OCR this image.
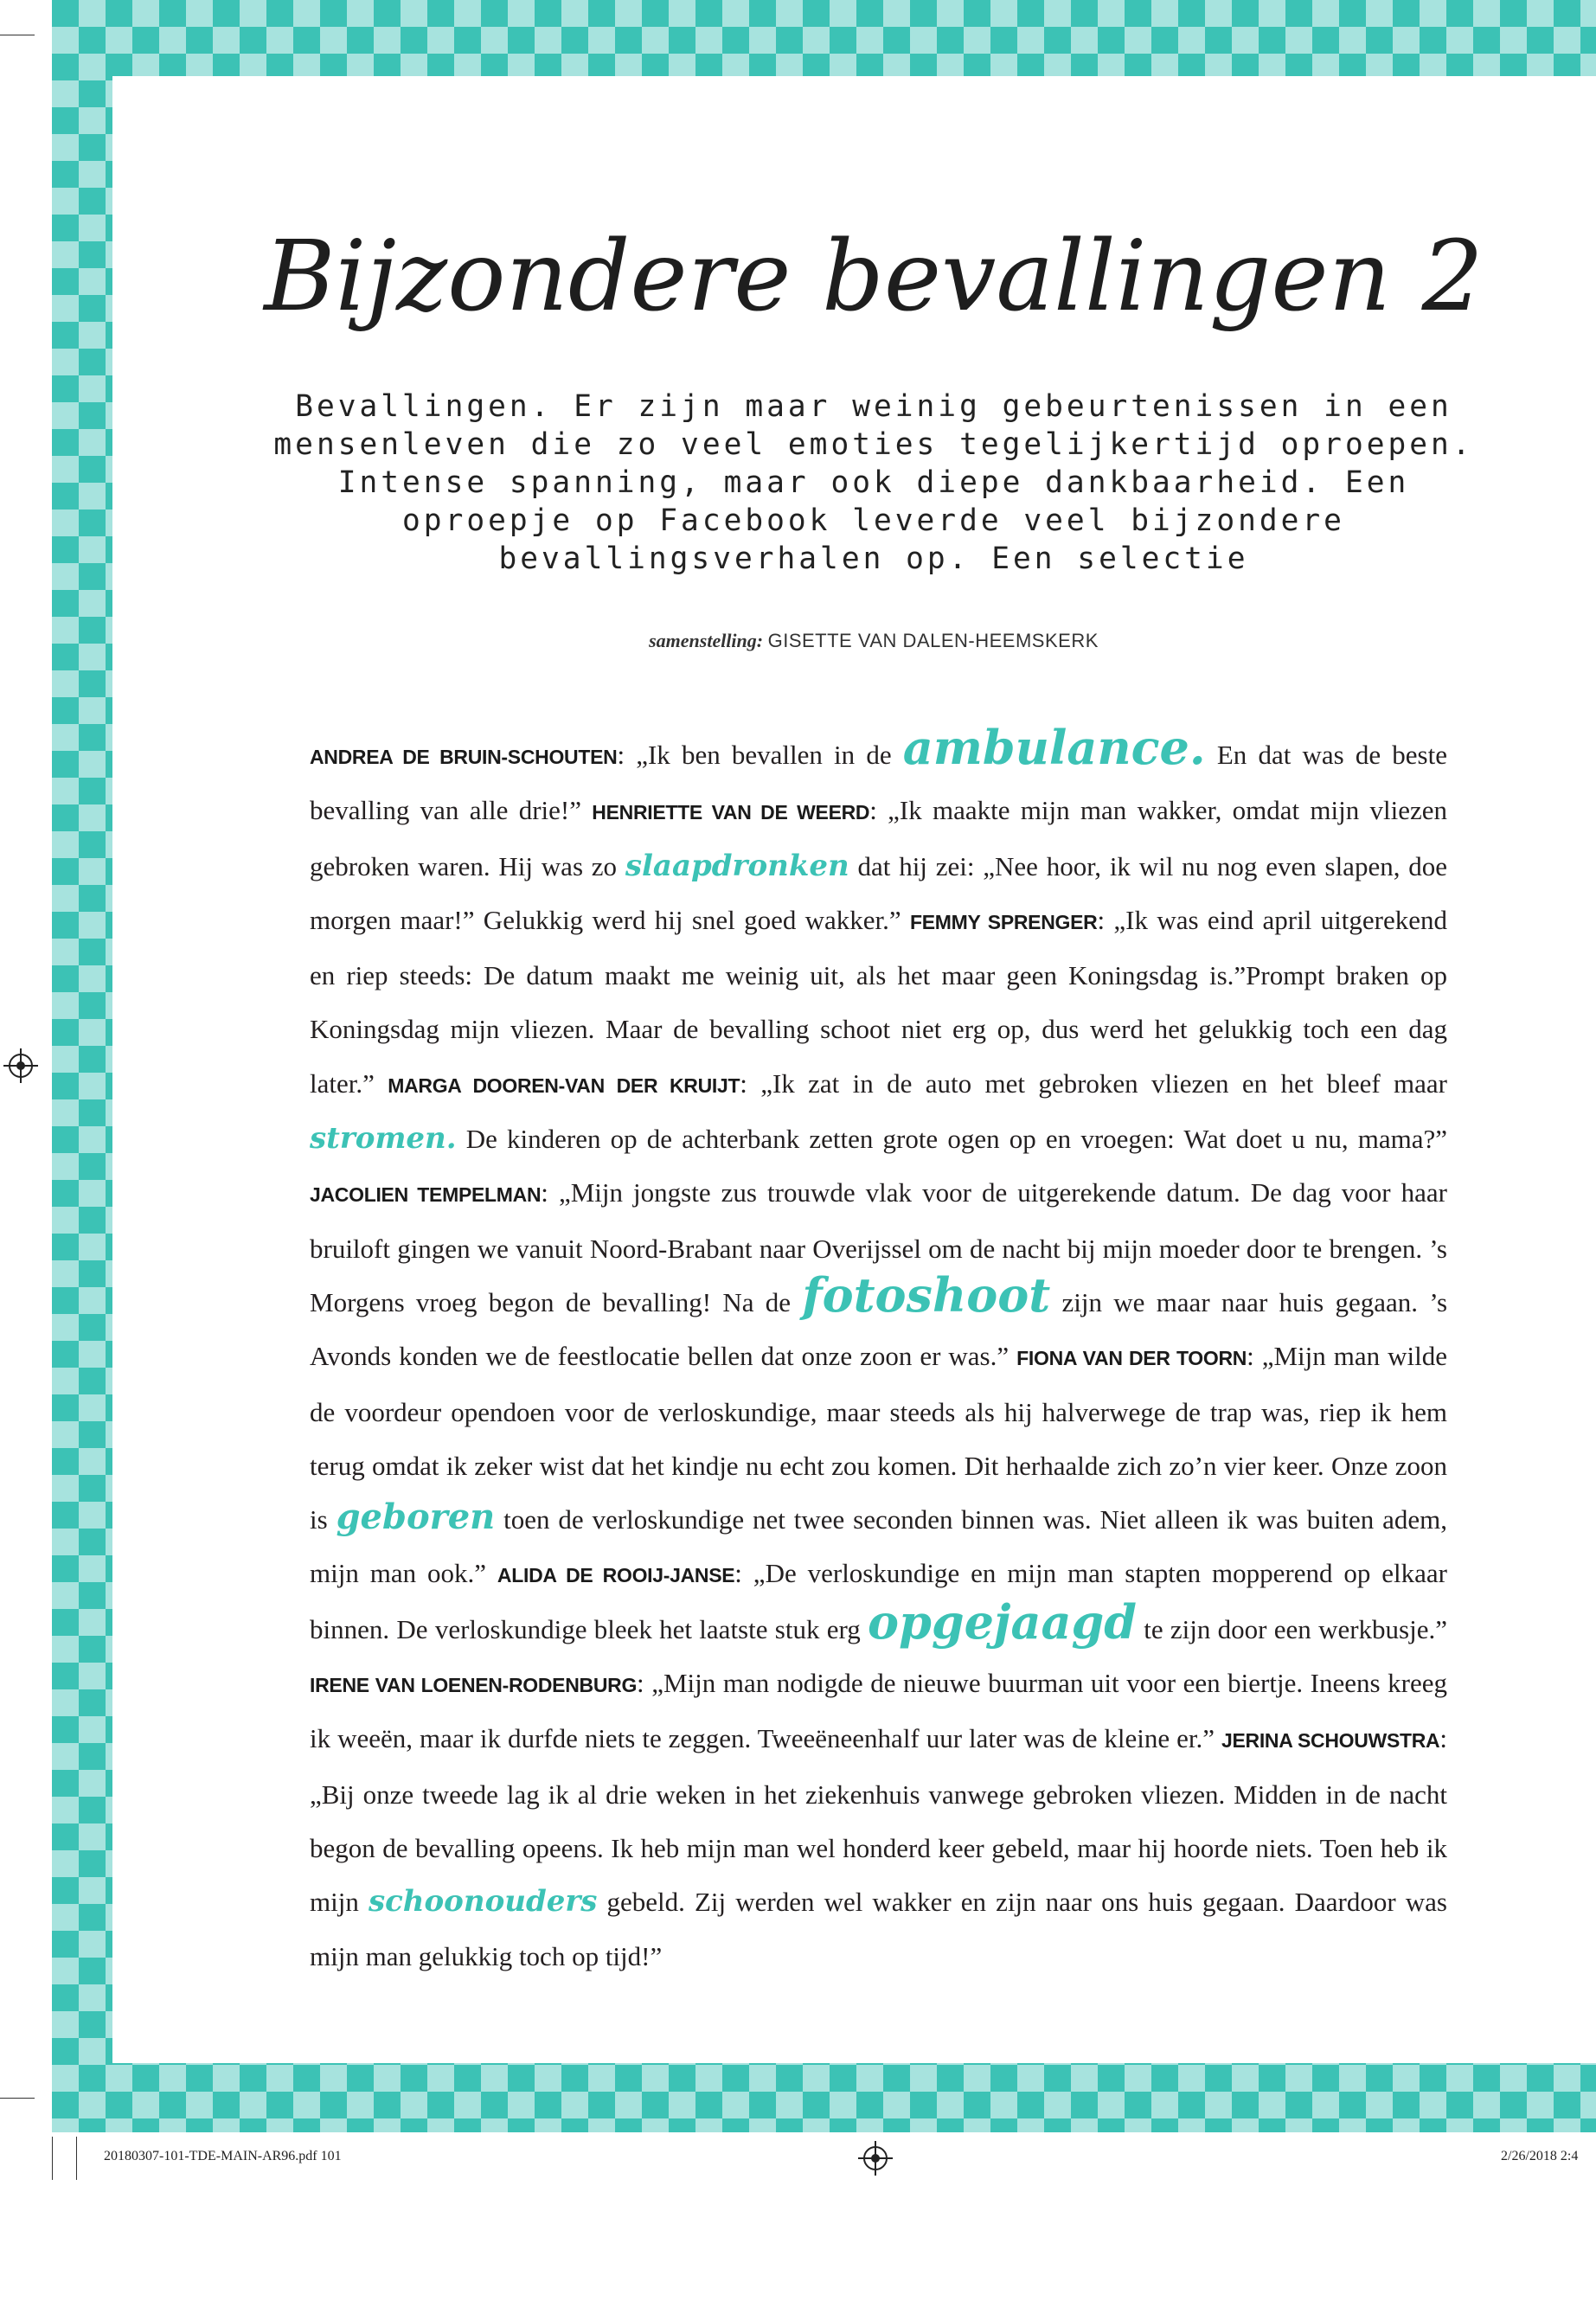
Bijzondere bevallingen 2

Bevallingen. Er zijn maar weinig gebeurtenissen in een mensenleven die zo veel emoties tegelijkertijd oproepen. Intense spanning, maar ook diepe dankbaarheid. Een oproepje op Facebook leverde veel bijzondere bevallingsverhalen op. Een selectie

samenstelling: GISETTE VAN DALEN-HEEMSKERK

ANDREA DE BRUIN-SCHOUTEN: „Ik ben bevallen in de ambulance. En dat was de beste bevalling van alle drie!” HENRIETTE VAN DE WEERD: „Ik maakte mijn man wakker, omdat mijn vliezen gebroken waren. Hij was zo slaapdronken dat hij zei: „Nee hoor, ik wil nu nog even slapen, doe morgen maar!” Gelukkig werd hij snel goed wakker.” FEMMY SPRENGER: „Ik was eind april uitgerekend en riep steeds: De datum maakt me weinig uit, als het maar geen Koningsdag is.”Prompt braken op Koningsdag mijn vliezen. Maar de bevalling schoot niet erg op, dus werd het gelukkig toch een dag later.” MARGA DOOREN-VAN DER KRUIJT: „Ik zat in de auto met gebroken vliezen en het bleef maar stromen. De kinderen op de achterbank zetten grote ogen op en vroegen: Wat doet u nu, mama?” JACOLIEN TEMPELMAN: „Mijn jongste zus trouwde vlak voor de uitgerekende datum. De dag voor haar bruiloft gingen we vanuit Noord-Brabant naar Overijssel om de nacht bij mijn moeder door te brengen. ’s Morgens vroeg begon de bevalling! Na de fotoshoot zijn we maar naar huis gegaan. ’s Avonds konden we de feestlocatie bellen dat onze zoon er was.” FIONA VAN DER TOORN: „Mijn man wilde de voordeur opendoen voor de verloskundige, maar steeds als hij halverwege de trap was, riep ik hem terug omdat ik zeker wist dat het kindje nu echt zou komen. Dit herhaalde zich zo’n vier keer. Onze zoon is geboren toen de verloskundige net twee seconden binnen was. Niet alleen ik was buiten adem, mijn man ook.” ALIDA DE ROOIJ-JANSE: „De verloskundige en mijn man stapten mopperend op elkaar binnen. De verloskundige bleek het laatste stuk erg opgejaagd te zijn door een werkbusje.” IRENE VAN LOENEN-RODENBURG: „Mijn man nodigde de nieuwe buurman uit voor een biertje. Ineens kreeg ik weeën, maar ik durfde niets te zeggen. Tweeëneenhalf uur later was de kleine er.” JERINA SCHOUWSTRA: „Bij onze tweede lag ik al drie weken in het ziekenhuis vanwege gebroken vliezen. Midden in de nacht begon de bevalling opeens. Ik heb mijn man wel honderd keer gebeld, maar hij hoorde niets. Toen heb ik mijn schoonouders gebeld. Zij werden wel wakker en zijn naar ons huis gegaan. Daardoor was mijn man gelukkig toch op tijd!”

20180307-101-TDE-MAIN-AR96.pdf 101	2/26/2018 2:4
